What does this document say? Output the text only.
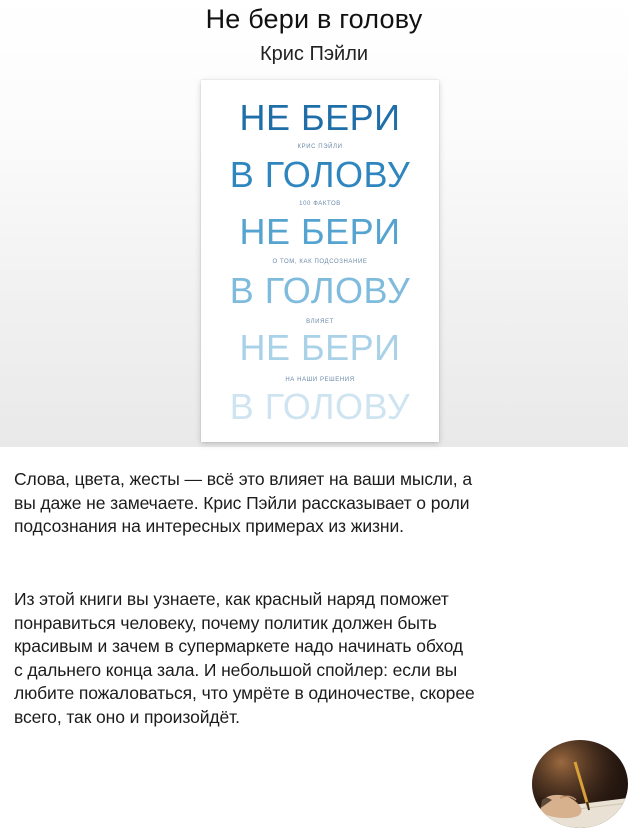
Не бери в голову
Крис Пэйли
НЕ БЕРИ
КРИС ПЭЙЛИ
В ГОЛОВУ
100 ФАКТОВ
НЕ БЕРИ
О ТОМ, КАК ПОДСОЗНАНИЕ
В ГОЛОВУ
ВЛИЯЕТ
НЕ БЕРИ
НА НАШИ РЕШЕНИЯ
В ГОЛОВУ
Слова, цвета, жесты — всё это влияет на ваши мысли, а
вы даже не замечаете. Крис Пэйли рассказывает о роли
подсознания на интересных примерах из жизни.
Из этой книги вы узнаете, как красный наряд поможет
понравиться человеку, почему политик должен быть
красивым и зачем в супермаркете надо начинать обход
с дальнего конца зала. И небольшой спойлер: если вы
любите пожаловаться, что умрёте в одиночестве, скорее
всего, так оно и произойдёт.
